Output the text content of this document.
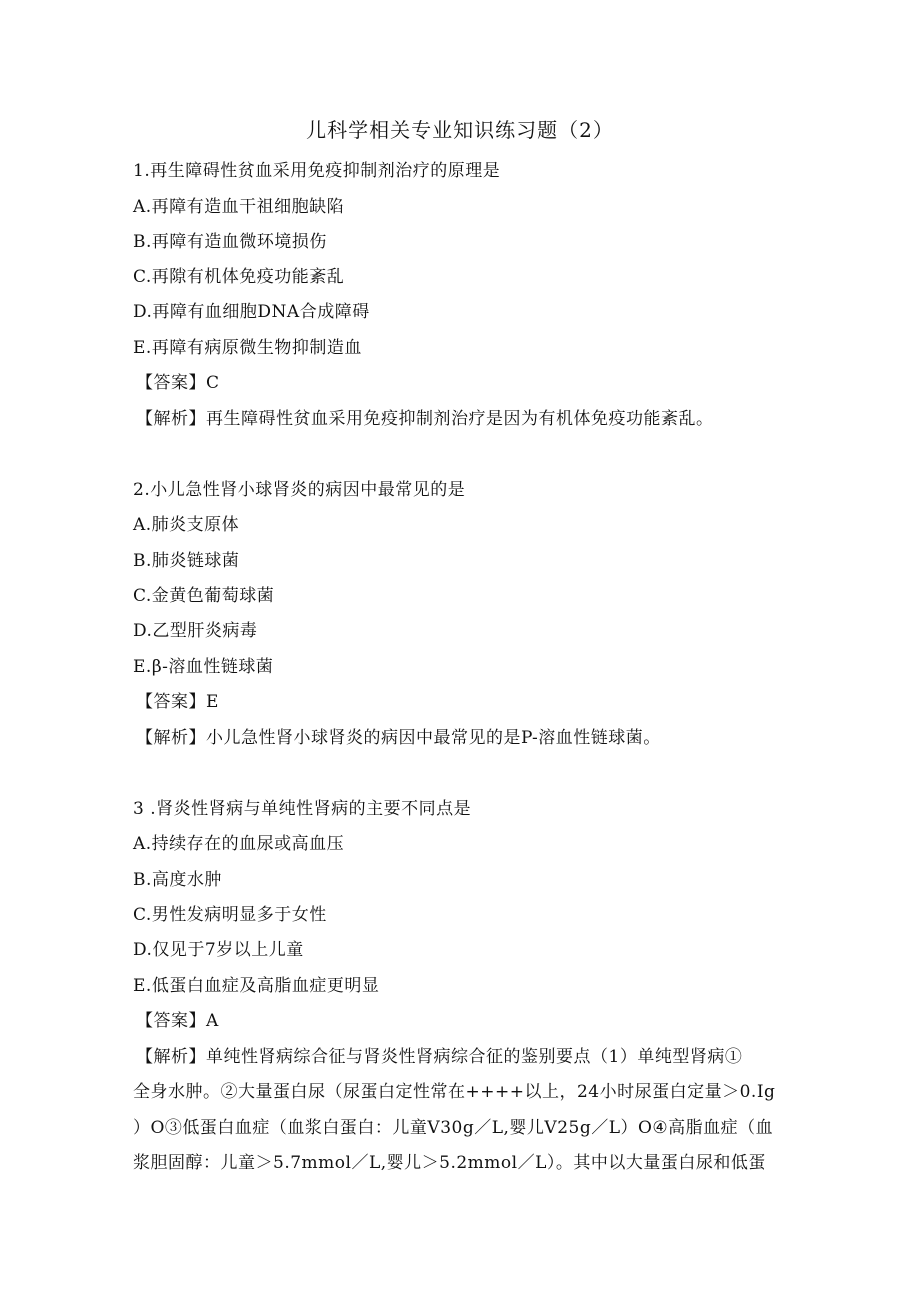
儿科学相关专业知识练习题（2）
1.再生障碍性贫血采用免疫抑制剂治疗的原理是
A.再障有造血干祖细胞缺陷
B.再障有造血微环境损伤
C.再隙有机体免疫功能紊乱
D.再障有血细胞DNA合成障碍
E.再障有病原微生物抑制造血
【答案】C
【解析】再生障碍性贫血采用免疫抑制剂治疗是因为有机体免疫功能紊乱。
2.小儿急性肾小球肾炎的病因中最常见的是
A.肺炎支原体
B.肺炎链球菌
C.金黄色葡萄球菌
D.乙型肝炎病毒
E.β-溶血性链球菌
【答案】E
【解析】小儿急性肾小球肾炎的病因中最常见的是P-溶血性链球菌。
3 .肾炎性肾病与单纯性肾病的主要不同点是
A.持续存在的血尿或高血压
B.高度水肿
C.男性发病明显多于女性
D.仅见于7岁以上儿童
E.低蛋白血症及高脂血症更明显
【答案】A
【解析】单纯性肾病综合征与肾炎性肾病综合征的鉴别要点（1）单纯型肾病①
全身水肿。②大量蛋白尿（尿蛋白定性常在++++以上，24小时尿蛋白定量＞0.Ig
）O③低蛋白血症（血浆白蛋白：儿童V30g／L,婴儿V25g／L）O④高脂血症（血
浆胆固醇：儿童＞5.7mmol／L,婴儿＞5.2mmol／L）。其中以大量蛋白尿和低蛋
